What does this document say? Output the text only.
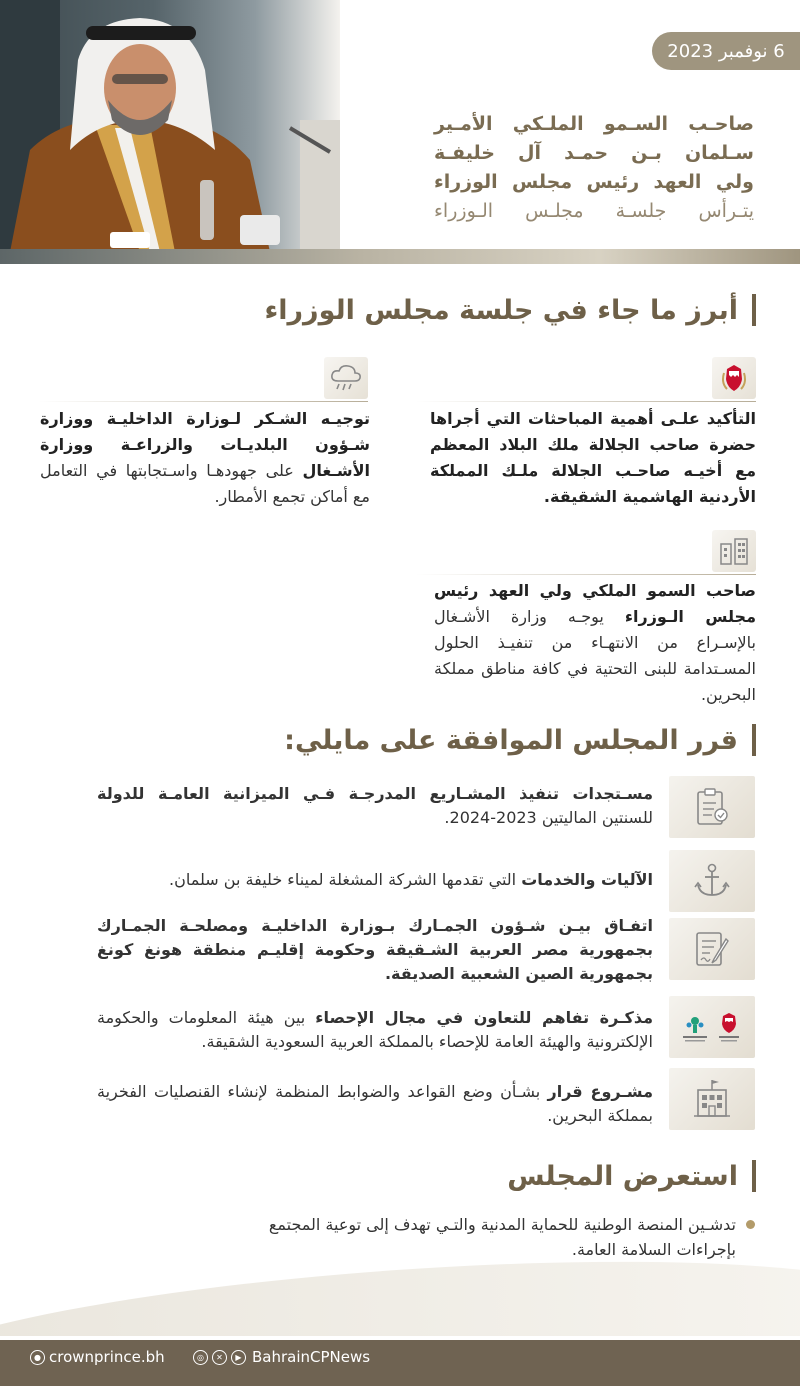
6 نوفمبر 2023
صاحـب السـمو الملـكي الأمـير
سـلمان بـن حمـد آل خليفـة
ولي العهد رئيس مجلس الوزراء
يتـرأس جلسـة مجلـس الـوزراء
أبرز ما جاء في جلسة مجلس الوزراء
التأكيد علـى أهمية المباحثات التي أجراها حضرة صاحب الجلالة ملك البلاد المعظم مع أخيـه صاحـب الجلالة ملـك المملكة الأردنية الهاشمية الشقيقة.
توجيـه الشـكر لـوزارة الداخليـة ووزارة شـؤون البلديـات والزراعـة ووزارة الأشـغال على جهودهـا واسـتجابتها في التعامل مع أماكن تجمع الأمطار.
صاحب السمو الملكي ولي العهد رئيس مجلس الـوزراء يوجـه وزارة الأشـغال بالإسـراع من الانتهـاء من تنفيـذ الحلول المسـتدامة للبنى التحتية في كافة مناطق مملكة البحرين.
قرر المجلس الموافقة على مايلي:
مسـتجدات تنفيذ المشـاريع المدرجـة فـي الميزانية العامـة للدولة للسنتين الماليتين 2023-2024.
الآليات والخدمات التي تقدمها الشركة المشغلة لميناء خليفة بن سلمان.
اتفـاق بيـن شـؤون الجمـارك بـوزارة الداخليـة ومصلحـة الجمـارك بجمهورية مصر العربية الشـقيقة وحكومة إقليـم منطقة هونغ كونغ بجمهورية الصين الشعبية الصديقة.
مذكـرة تفاهم للتعاون في مجال الإحصاء بين هيئة المعلومات والحكومة الإلكترونية والهيئة العامة للإحصاء بالمملكة العربية السعودية الشقيقة.
مشـروع قرار بشـأن وضع القواعد والضوابط المنظمة لإنشاء القنصليات الفخرية بمملكة البحرين.
استعرض المجلس
تدشـين المنصة الوطنية للحماية المدنية والتـي تهدف إلى توعية المجتمع بإجراءات السلامة العامة.
● crownprince.bh	◎	✕	▶ BahrainCPNews
